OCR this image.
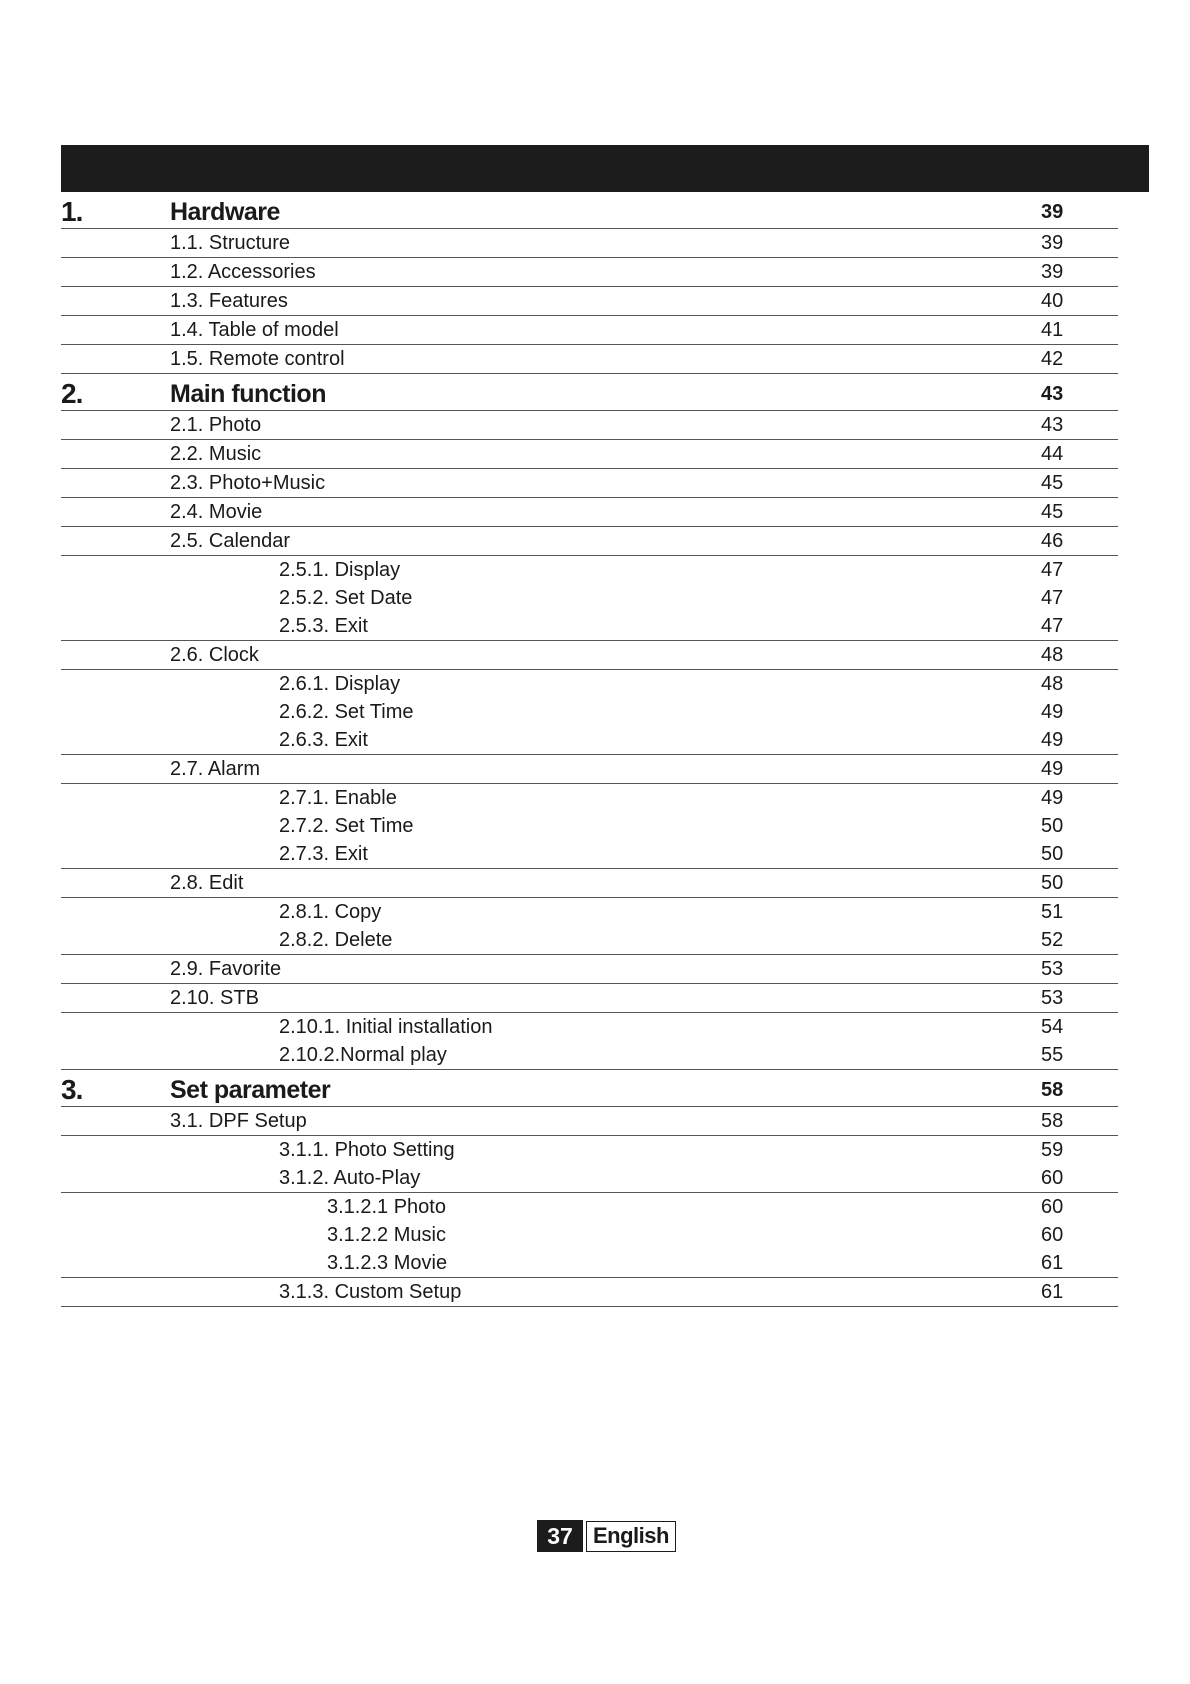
1.	Hardware	39
1.1. Structure	39
1.2. Accessories	39
1.3. Features	40
1.4. Table of model	41
1.5. Remote control	42
2.	Main function	43
2.1. Photo	43
2.2. Music	44
2.3. Photo+Music	45
2.4. Movie	45
2.5. Calendar	46
2.5.1. Display	47
2.5.2. Set Date	47
2.5.3. Exit	47
2.6. Clock	48
2.6.1. Display	48
2.6.2. Set Time	49
2.6.3. Exit	49
2.7. Alarm	49
2.7.1. Enable	49
2.7.2. Set Time	50
2.7.3. Exit	50
2.8. Edit	50
2.8.1. Copy	51
2.8.2. Delete	52
2.9. Favorite	53
2.10. STB	53
2.10.1. Initial installation	54
2.10.2.Normal play	55
3.	Set parameter	58
3.1. DPF Setup	58
3.1.1. Photo Setting	59
3.1.2. Auto-Play	60
3.1.2.1 Photo	60
3.1.2.2 Music	60
3.1.2.3 Movie	61
3.1.3. Custom Setup	61
37 English
